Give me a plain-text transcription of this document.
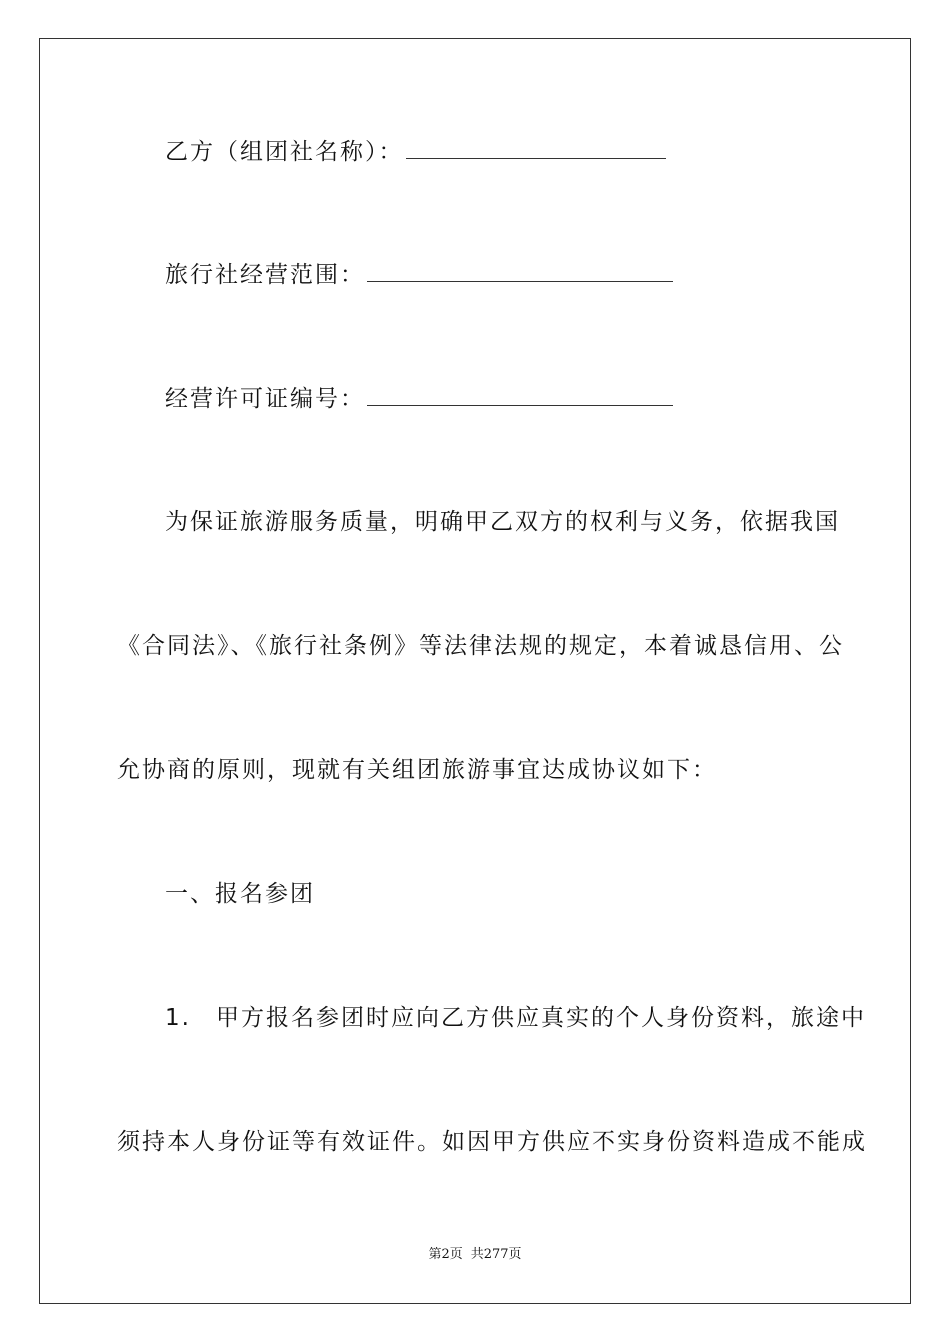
乙方（组团社名称）：
旅行社经营范围：
经营许可证编号：
为保证旅游服务质量，明确甲乙双方的权利与义务，依据我国
《合同法》、《旅行社条例》等法律法规的规定，本着诚恳信用、公
允协商的原则，现就有关组团旅游事宜达成协议如下：
一、报名参团
1.　甲方报名参团时应向乙方供应真实的个人身份资料，旅途中
须持本人身份证等有效证件。如因甲方供应不实身份资料造成不能成
第2页 共277页
